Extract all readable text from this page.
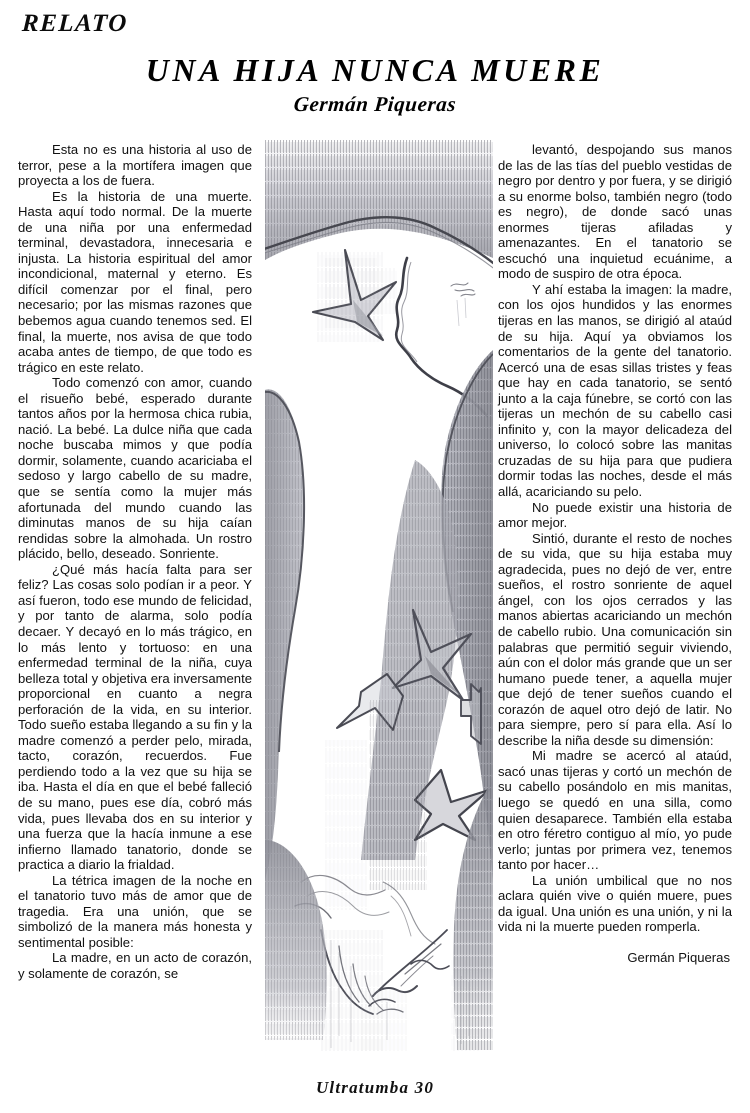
RELATO
UNA HIJA NUNCA MUERE
Germán Piqueras

Esta no es una historia al uso de terror, pese a la mortífera imagen que proyecta a los de fuera.

Es la historia de una muerte. Hasta aquí todo normal. De la muerte de una niña por una enfermedad terminal, devastadora, innecesaria e injusta. La historia espiritual del amor incondicional, maternal y eterno. Es difícil comenzar por el final, pero necesario; por las mismas razones que bebemos agua cuando tenemos sed. El final, la muerte, nos avisa de que todo acaba antes de tiempo, de que todo es trágico en este relato.

Todo comenzó con amor, cuando el risueño bebé, esperado durante tantos años por la hermosa chica rubia, nació. La bebé. La dulce niña que cada noche buscaba mimos y que podía dormir, solamente, cuando acariciaba el sedoso y largo cabello de su madre, que se sentía como la mujer más afortunada del mundo cuando las diminutas manos de su hija caían rendidas sobre la almohada. Un rostro plácido, bello, deseado. Sonriente.

¿Qué más hacía falta para ser feliz? Las cosas solo podían ir a peor. Y así fueron, todo ese mundo de felicidad, y por tanto de alarma, solo podía decaer. Y decayó en lo más trágico, en lo más lento y tortuoso: en una enfermedad terminal de la niña, cuya belleza total y objetiva era inversamente proporcional en cuanto a negra perforación de la vida, en su interior. Todo sueño estaba llegando a su fin y la madre comenzó a perder pelo, mirada, tacto, corazón, recuerdos. Fue perdiendo todo a la vez que su hija se iba. Hasta el día en que el bebé falleció de su mano, pues ese día, cobró más vida, pues llevaba dos en su interior y una fuerza que la hacía inmune a ese infierno llamado tanatorio, donde se practica a diario la frialdad.

La tétrica imagen de la noche en el tanatorio tuvo más de amor que de tragedia. Era una unión, que se simbolizó de la manera más honesta y sentimental posible:

La madre, en un acto de corazón, y solamente de corazón, se

levantó, despojando sus manos de las de las tías del pueblo vestidas de negro por dentro y por fuera, y se dirigió a su enorme bolso, también negro (todo es negro), de donde sacó unas enormes tijeras afiladas y amenazantes. En el tanatorio se escuchó una inquietud ecuánime, a modo de suspiro de otra época.

Y ahí estaba la imagen: la madre, con los ojos hundidos y las enormes tijeras en las manos, se dirigió al ataúd de su hija. Aquí ya obviamos los comentarios de la gente del tanatorio. Acercó una de esas sillas tristes y feas que hay en cada tanatorio, se sentó junto a la caja fúnebre, se cortó con las tijeras un mechón de su cabello casi infinito y, con la mayor delicadeza del universo, lo colocó sobre las manitas cruzadas de su hija para que pudiera dormir todas las noches, desde el más allá, acariciando su pelo.

No puede existir una historia de amor mejor.

Sintió, durante el resto de noches de su vida, que su hija estaba muy agradecida, pues no dejó de ver, entre sueños, el rostro sonriente de aquel ángel, con los ojos cerrados y las manos abiertas acariciando un mechón de cabello rubio. Una comunicación sin palabras que permitió seguir viviendo, aún con el dolor más grande que un ser humano puede tener, a aquella mujer que dejó de tener sueños cuando el corazón de aquel otro dejó de latir. No para siempre, pero sí para ella. Así lo describe la niña desde su dimensión:

Mi madre se acercó al ataúd, sacó unas tijeras y cortó un mechón de su cabello posándolo en mis manitas, luego se quedó en una silla, como quien desaparece. También ella estaba en otro féretro contiguo al mío, yo pude verlo; juntas por primera vez, tenemos tanto por hacer…

La unión umbilical que no nos aclara quién vive o quién muere, pues da igual. Una unión es una unión, y ni la vida ni la muerte pueden romperla.

Germán Piqueras

Ultratumba 30
